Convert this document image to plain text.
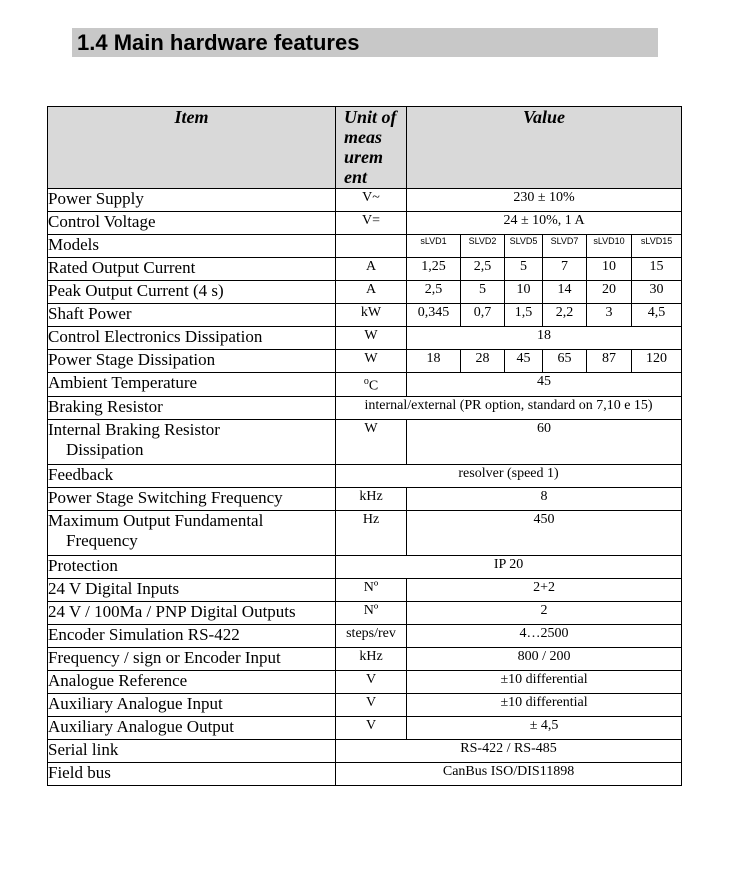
1.4 Main hardware features
Item	Unit of meas urem ent	Value					
Power Supply	V~	230 ± 10%					
Control Voltage	V=	24 ± 10%, 1 A					
Models		sLVD1	SLVD2	SLVD5	SLVD7	sLVD10	sLVD15
Rated Output Current	A	1,25	2,5	5	7	10	15
Peak Output Current (4 s)	A	2,5	5	10	14	20	30
Shaft Power	kW	0,345	0,7	1,5	2,2	3	4,5
Control Electronics Dissipation	W	18					
Power Stage Dissipation	W	18	28	45	65	87	120
Ambient Temperature	$^o$C	45					
Braking Resistor	internal/external (PR option, standard on 7,10 e 15)						
Internal Braking Resistor
Dissipation	W	60					
Feedback	resolver (speed 1)						
Power Stage Switching Frequency	kHz	8					
Maximum Output Fundamental
Frequency	Hz	450					
Protection	IP 20						
24 V Digital Inputs	Nº	2+2					
24 V / 100Ma / PNP Digital Outputs	Nº	2					
Encoder Simulation RS-422	steps/rev	4…2500					
Frequency / sign or Encoder Input	kHz	800 / 200					
Analogue Reference	V	±10 differential					
Auxiliary Analogue Input	V	±10 differential					
Auxiliary Analogue Output	V	± 4,5					
Serial link	RS-422 / RS-485						
Field bus	CanBus ISO/DIS11898						
